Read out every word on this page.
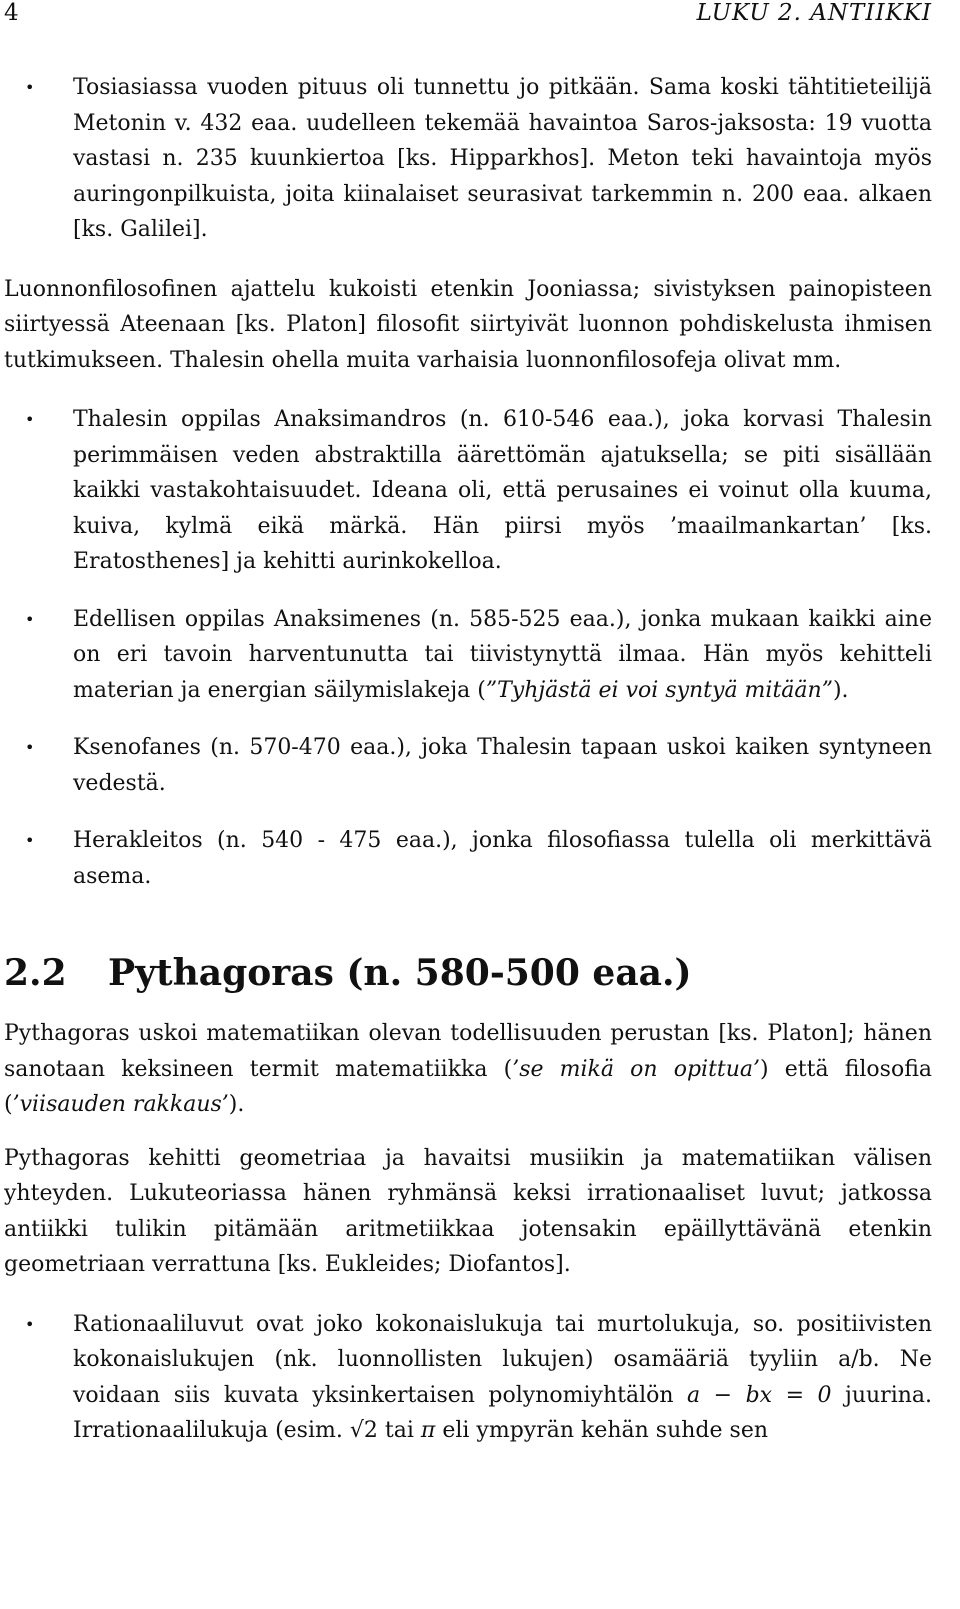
4	LUKU 2. ANTIIKKI
• Tosiasiassa vuoden pituus oli tunnettu jo pitkään. Sama koski tähtitieteilijä Metonin v. 432 eaa. uudelleen tekemää havaintoa Saros-jaksosta: 19 vuotta vastasi n. 235 kuunkiertoa [ks. Hipparkhos]. Meton teki havaintoja myös auringonpilkuista, joita kiinalaiset seurasivat tarkemmin n. 200 eaa. alkaen [ks. Galilei].

Luonnonfilosofinen ajattelu kukoisti etenkin Jooniassa; sivistyksen painopisteen siirtyessä Ateenaan [ks. Platon] filosofit siirtyivät luonnon pohdiskelusta ihmisen tutkimukseen. Thalesin ohella muita varhaisia luonnonfilosofeja olivat mm.

• Thalesin oppilas Anaksimandros (n. 610-546 eaa.), joka korvasi Thalesin perimmäisen veden abstraktilla äärettömän ajatuksella; se piti sisällään kaikki vastakohtaisuudet. Ideana oli, että perusaines ei voinut olla kuuma, kuiva, kylmä eikä märkä. Hän piirsi myös ’maailmankartan’ [ks. Eratosthenes] ja kehitti aurinkokelloa.
• Edellisen oppilas Anaksimenes (n. 585-525 eaa.), jonka mukaan kaikki aine on eri tavoin harventunutta tai tiivistynyttä ilmaa. Hän myös kehitteli materian ja energian säilymislakeja (”Tyhjästä ei voi syntyä mitään”).
• Ksenofanes (n. 570-470 eaa.), joka Thalesin tapaan uskoi kaiken syntyneen vedestä.
• Herakleitos (n. 540 - 475 eaa.), jonka filosofiassa tulella oli merkittävä asema.
2.2 Pythagoras (n. 580-500 eaa.)

Pythagoras uskoi matematiikan olevan todellisuuden perustan [ks. Platon]; hänen sanotaan keksineen termit matematiikka (’se mikä on opittua’) että filosofia (’viisauden rakkaus’).

Pythagoras kehitti geometriaa ja havaitsi musiikin ja matematiikan välisen yhteyden. Lukuteoriassa hänen ryhmänsä keksi irrationaaliset luvut; jatkossa antiikki tulikin pitämään aritmetiikkaa jotensakin epäillyttävänä etenkin geometriaan verrattuna [ks. Eukleides; Diofantos].

• Rationaaliluvut ovat joko kokonaislukuja tai murtolukuja, so. positiivisten kokonaislukujen (nk. luonnollisten lukujen) osamääriä tyyliin a/b. Ne voidaan siis kuvata yksinkertaisen polynomiyhtälön a − bx = 0 juurina. Irrationaalilukuja (esim. √2 tai π eli ympyrän kehän suhde sen
